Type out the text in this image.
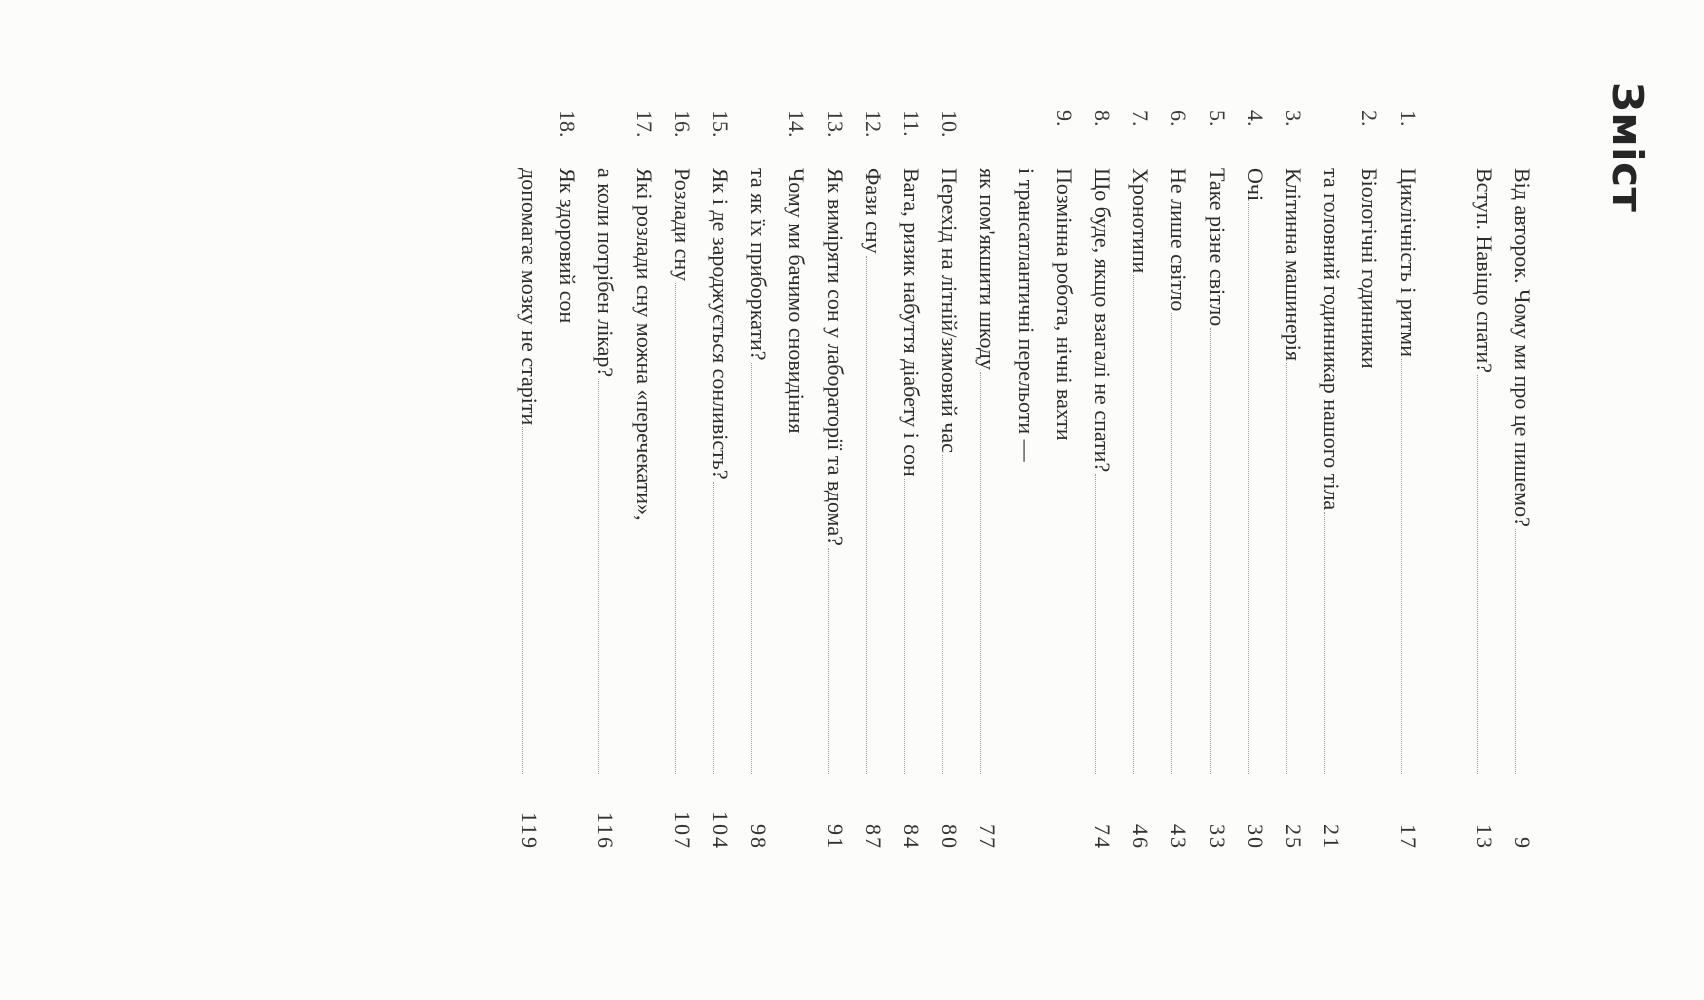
Зміст
Від авторок. Чому ми про це пишемо?
9
Вступ. Навіщо спати?
13
1.
Циклічність і ритми
17
2.
Біологічні годинники
та головний годинникар нашого тіла
21
3.
Клітинна машинерія
25
4.
Очі
30
5.
Таке різне світло
33
6.
Не лише світло
43
7.
Хронотипи
46
8.
Що буде, якщо взагалі не спати?
74
9.
Позмінна робота, нічні вахти
і трансатлантичні перельоти —
як пом'якшити шкоду
77
10.
Перехід на літній/зимовий час
80
11.
Вага, ризик набуття діабету і сон
84
12.
Фази сну
87
13.
Як виміряти сон у лабораторії та вдома?
91
14.
Чому ми бачимо сновидіння
та як їх приборкати?
98
15.
Як і де зароджується сонливість?
104
16.
Розлади сну
107
17.
Які розлади сну можна «перечекати»,
а коли потрібен лікар?
116
18.
Як здоровий сон
допомагає мозку не старіти
119
